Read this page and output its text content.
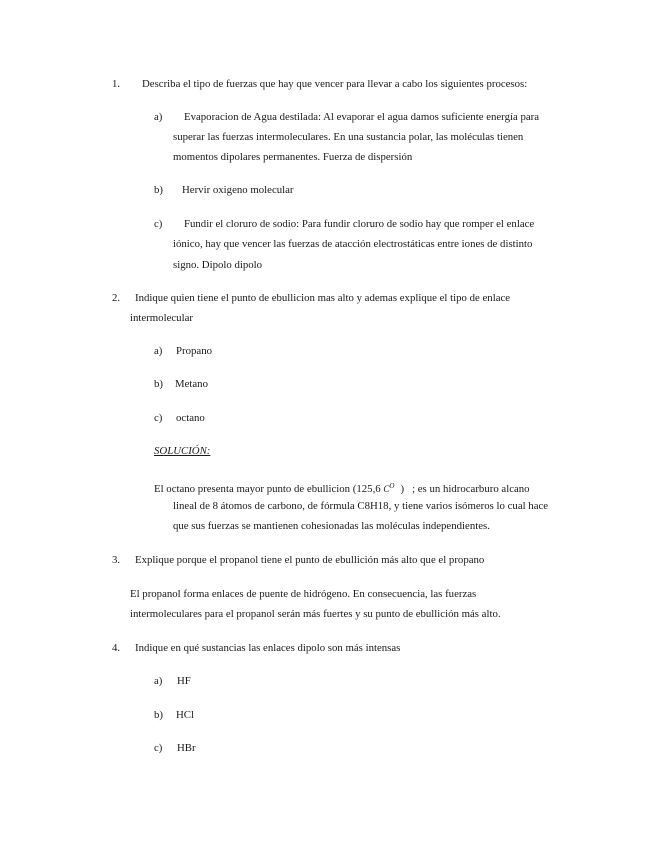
1. Describa el tipo de fuerzas que hay que vencer para llevar a cabo los siguientes procesos:
a) Evaporacion de Agua destilada: Al evaporar el agua damos suficiente energía para
superar las fuerzas intermoleculares. En una sustancia polar, las moléculas tienen
momentos dipolares permanentes. Fuerza de dispersión
b) Hervir oxigeno molecular
c) Fundir el cloruro de sodio: Para fundir cloruro de sodio hay que romper el enlace
iónico, hay que vencer las fuerzas de atacción electrostáticas entre iones de distinto
signo. Dipolo dipolo
2. Indique quien tiene el punto de ebullicion mas alto y ademas explique el tipo de enlace
intermolecular
a) Propano
b) Metano
c) octano
SOLUCIÓN:
El octano presenta mayor punto de ebullicion (125,6 $C^O$ ) ; es un hidrocarburo alcano
lineal de 8 átomos de carbono, de fórmula C8H18, y tiene varios isómeros lo cual hace
que sus fuerzas se mantienen cohesionadas las moléculas independientes.
3. Explique porque el propanol tiene el punto de ebullición más alto que el propano
El propanol forma enlaces de puente de hidrógeno. En consecuencia, las fuerzas
intermoleculares para el propanol serán más fuertes y su punto de ebullición más alto.
4. Indique en qué sustancias las enlaces dipolo son más intensas
a) HF
b) HCl
c) HBr
